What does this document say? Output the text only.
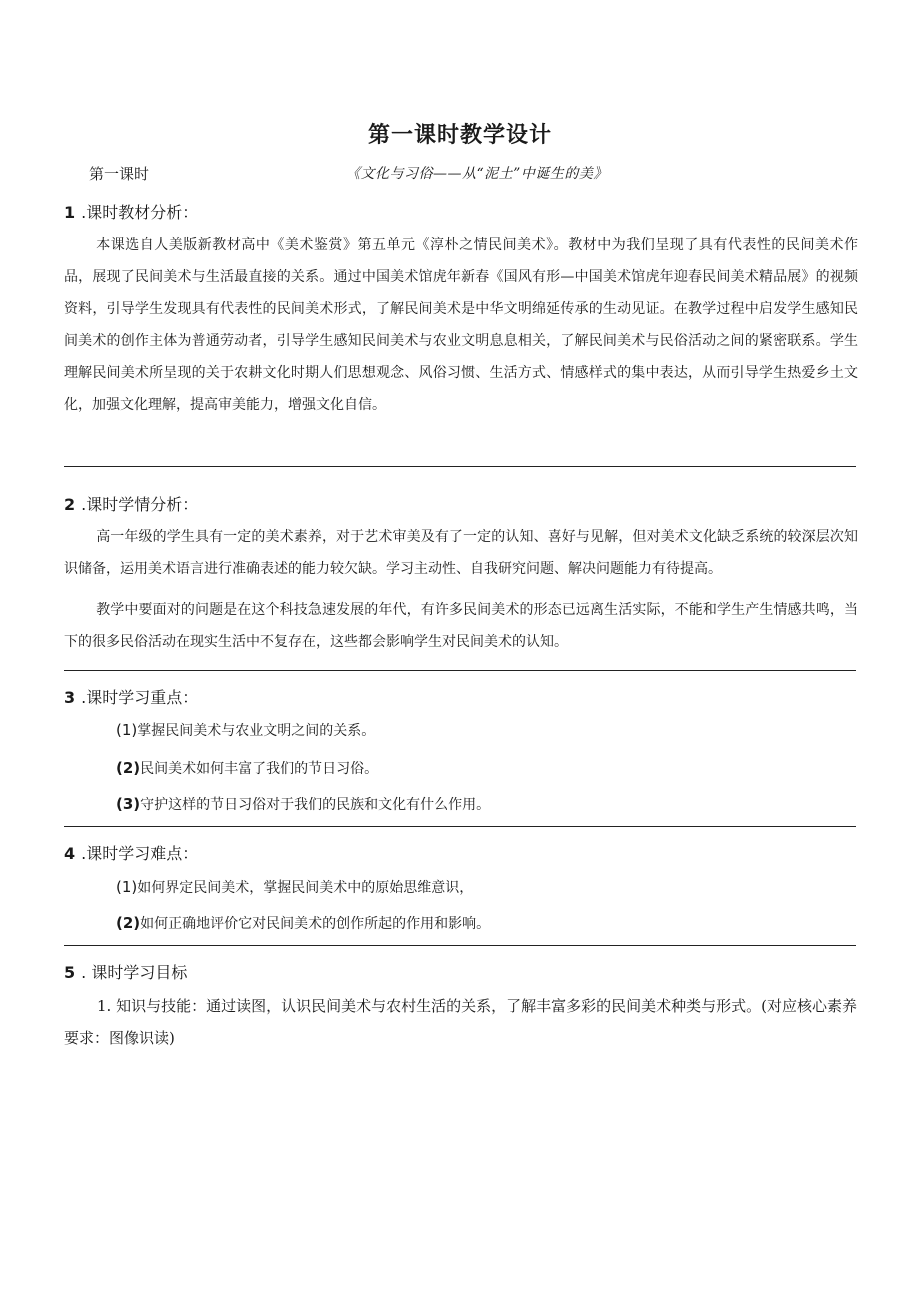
第一课时教学设计
第一课时	《文化与习俗——从“泥土”中诞生的美》
1 .课时教材分析：
本课选自人美版新教材高中《美术鉴赏》第五单元《淳朴之情民间美术》。教材中为我们呈现了具有代表性的民间美术作品，展现了民间美术与生活最直接的关系。通过中国美术馆虎年新春《国风有形—中国美术馆虎年迎春民间美术精品展》的视频资料，引导学生发现具有代表性的民间美术形式，了解民间美术是中华文明绵延传承的生动见证。在教学过程中启发学生感知民间美术的创作主体为普通劳动者，引导学生感知民间美术与农业文明息息相关，了解民间美术与民俗活动之间的紧密联系。学生理解民间美术所呈现的关于农耕文化时期人们思想观念、风俗习惯、生活方式、情感样式的集中表达，从而引导学生热爱乡土文化，加强文化理解，提高审美能力，增强文化自信。
2 .课时学情分析：
高一年级的学生具有一定的美术素养，对于艺术审美及有了一定的认知、喜好与见解，但对美术文化缺乏系统的较深层次知识储备，运用美术语言进行准确表述的能力较欠缺。学习主动性、自我研究问题、解决问题能力有待提高。
教学中要面对的问题是在这个科技急速发展的年代，有许多民间美术的形态已远离生活实际，不能和学生产生情感共鸣，当下的很多民俗活动在现实生活中不复存在，这些都会影响学生对民间美术的认知。
3 .课时学习重点：
(1)掌握民间美术与农业文明之间的关系。
(2)民间美术如何丰富了我们的节日习俗。
(3)守护这样的节日习俗对于我们的民族和文化有什么作用。
4 .课时学习难点：
(1)如何界定民间美术，掌握民间美术中的原始思维意识，
(2)如何正确地评价它对民间美术的创作所起的作用和影响。
5 . 课时学习目标
1. 知识与技能：通过读图，认识民间美术与农村生活的关系，了解丰富多彩的民间美术种类与形式。(对应核心素养要求：图像识读)
